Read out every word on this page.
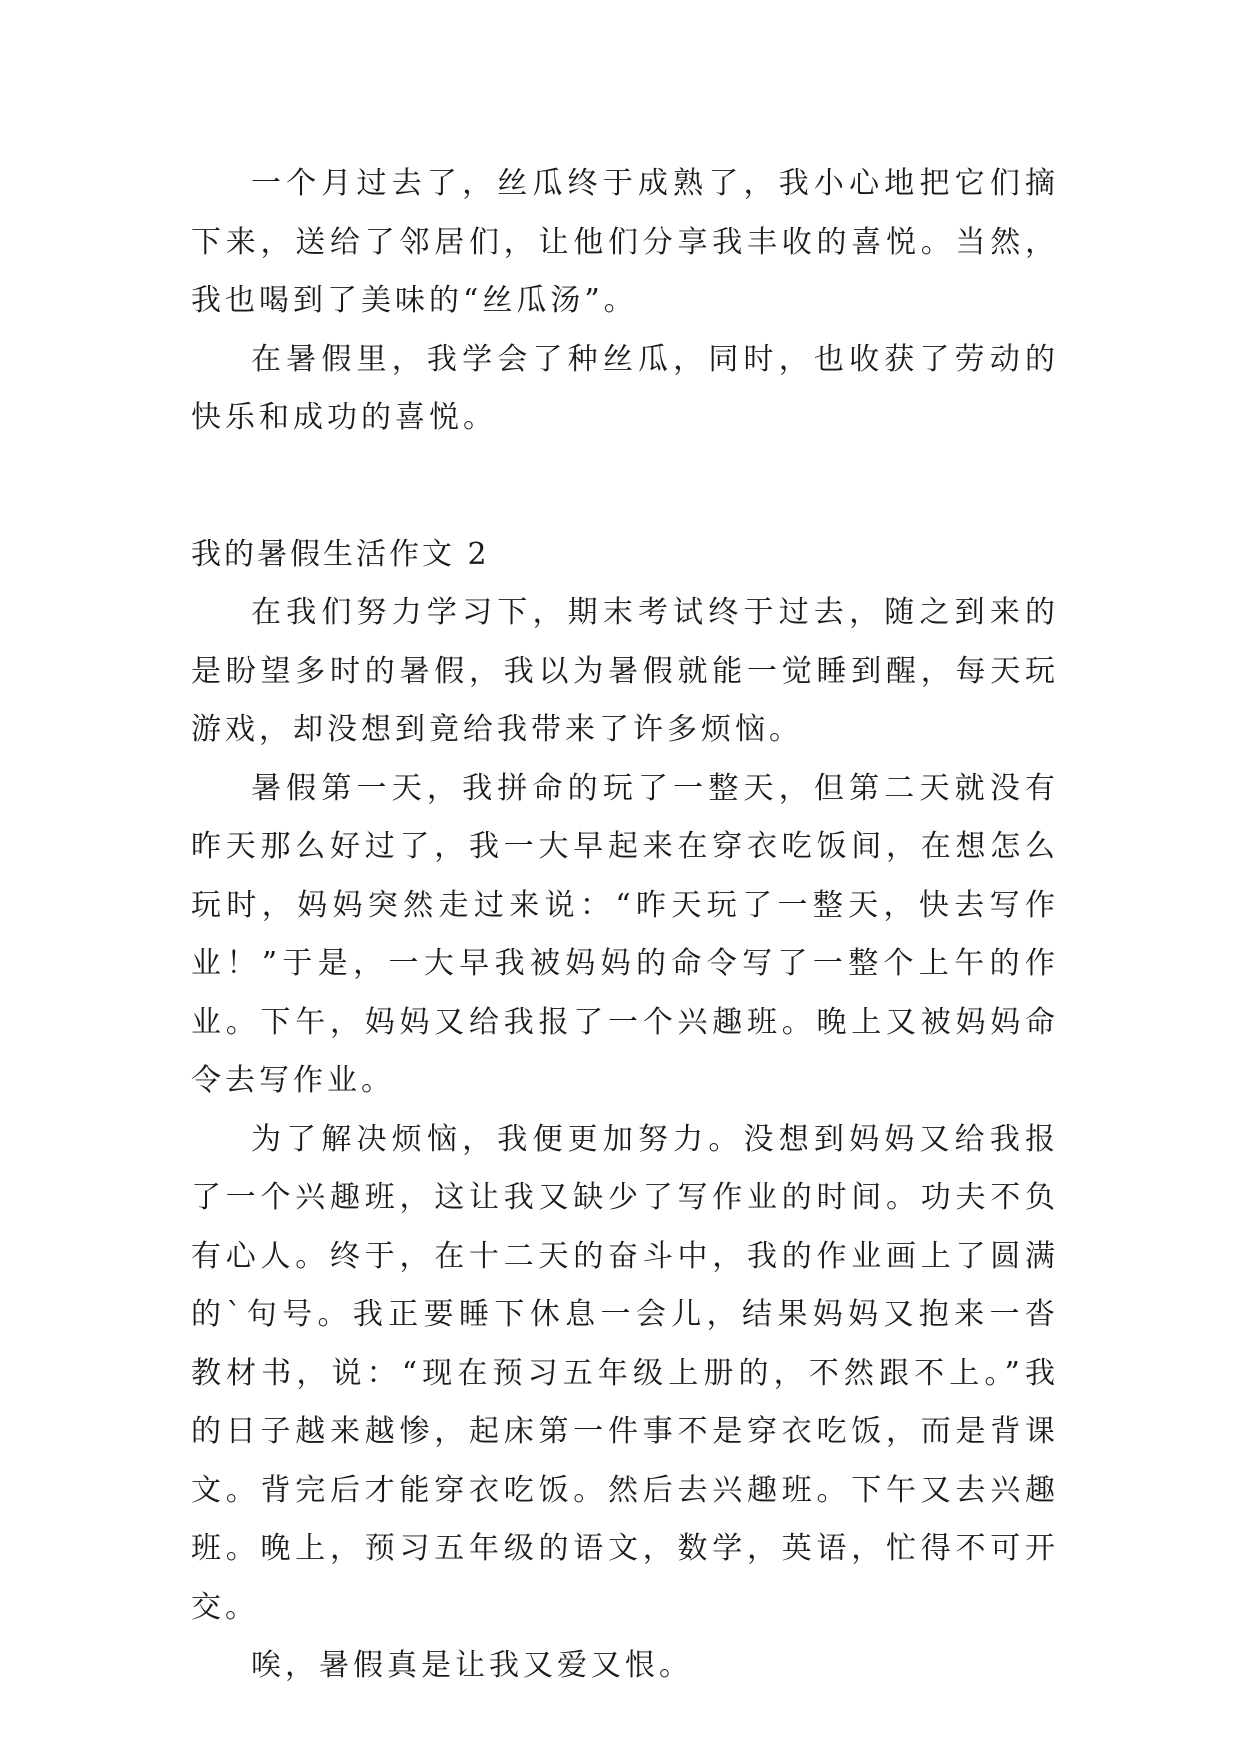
一个月过去了，丝瓜终于成熟了，我小心地把它们摘下来，送给了邻居们，让他们分享我丰收的喜悦。当然，我也喝到了美味的“丝瓜汤”。

在暑假里，我学会了种丝瓜，同时，也收获了劳动的快乐和成功的喜悦。

我的暑假生活作文 2

在我们努力学习下，期末考试终于过去，随之到来的是盼望多时的暑假，我以为暑假就能一觉睡到醒，每天玩游戏，却没想到竟给我带来了许多烦恼。

暑假第一天，我拼命的玩了一整天，但第二天就没有昨天那么好过了，我一大早起来在穿衣吃饭间，在想怎么玩时，妈妈突然走过来说：“昨天玩了一整天，快去写作业！”于是，一大早我被妈妈的命令写了一整个上午的作业。下午，妈妈又给我报了一个兴趣班。晚上又被妈妈命令去写作业。

为了解决烦恼，我便更加努力。没想到妈妈又给我报了一个兴趣班，这让我又缺少了写作业的时间。功夫不负有心人。终于，在十二天的奋斗中，我的作业画上了圆满的`句号。我正要睡下休息一会儿，结果妈妈又抱来一沓教材书，说：“现在预习五年级上册的，不然跟不上。”我的日子越来越惨，起床第一件事不是穿衣吃饭，而是背课文。背完后才能穿衣吃饭。然后去兴趣班。下午又去兴趣班。晚上，预习五年级的语文，数学，英语，忙得不可开交。

唉，暑假真是让我又爱又恨。
